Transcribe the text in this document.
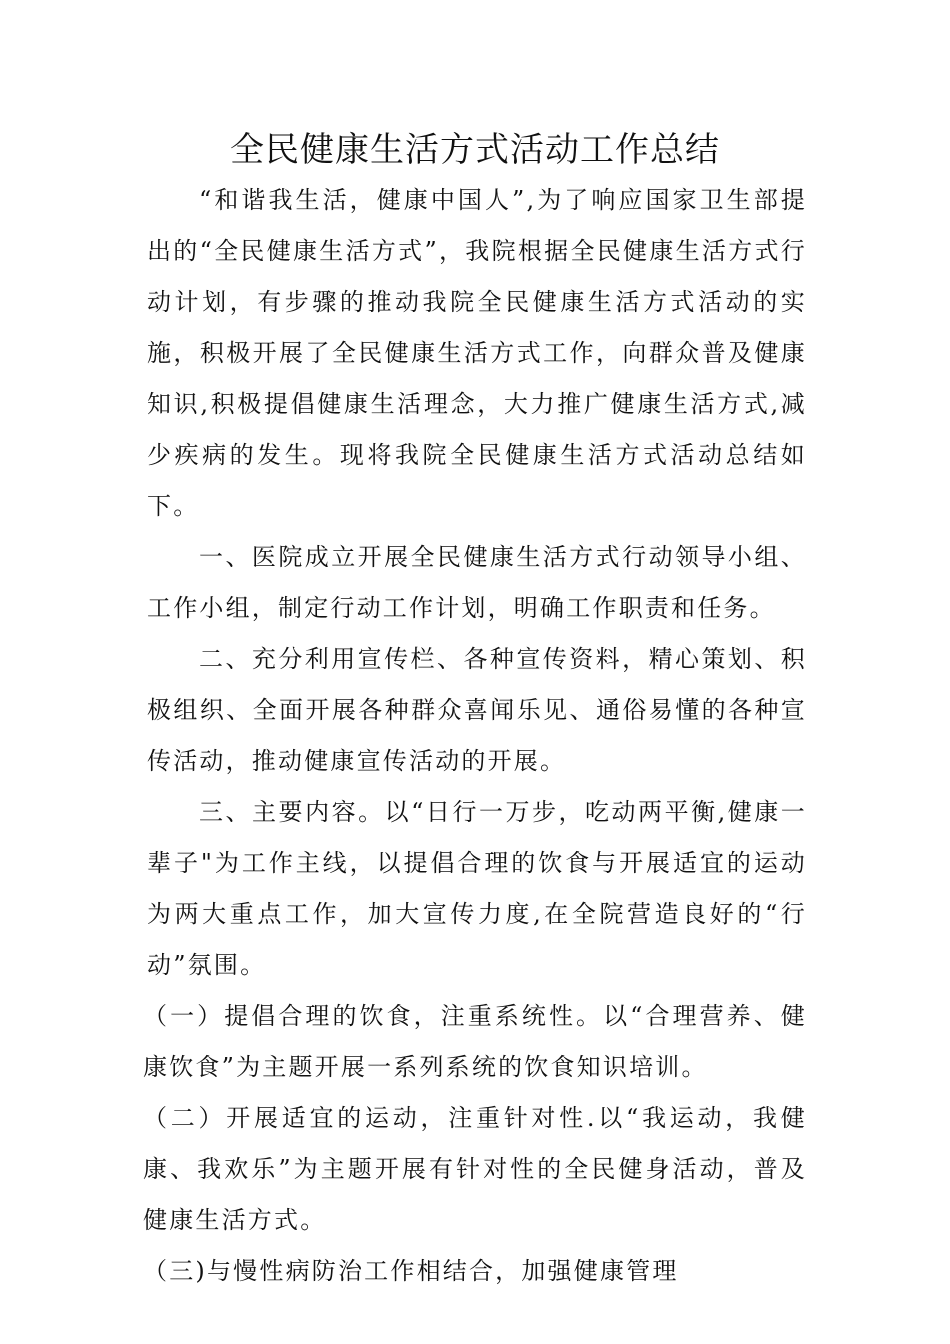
全民健康生活方式活动工作总结

“和谐我生活，健康中国人”,为了响应国家卫生部提出的“全民健康生活方式”，我院根据全民健康生活方式行动计划，有步骤的推动我院全民健康生活方式活动的实施，积极开展了全民健康生活方式工作，向群众普及健康知识,积极提倡健康生活理念，大力推广健康生活方式,减少疾病的发生。现将我院全民健康生活方式活动总结如下。

一、医院成立开展全民健康生活方式行动领导小组、工作小组，制定行动工作计划，明确工作职责和任务。

二、充分利用宣传栏、各种宣传资料，精心策划、积极组织、全面开展各种群众喜闻乐见、通俗易懂的各种宣传活动，推动健康宣传活动的开展。

三、主要内容。以“日行一万步，吃动两平衡,健康一辈子"为工作主线，以提倡合理的饮食与开展适宜的运动为两大重点工作，加大宣传力度,在全院营造良好的“行动”氛围。

（一）提倡合理的饮食，注重系统性。以“合理营养、健康饮食”为主题开展一系列系统的饮食知识培训。

（二）开展适宜的运动，注重针对性.以“我运动，我健康、我欢乐”为主题开展有针对性的全民健身活动，普及健康生活方式。

（三)与慢性病防治工作相结合，加强健康管理
